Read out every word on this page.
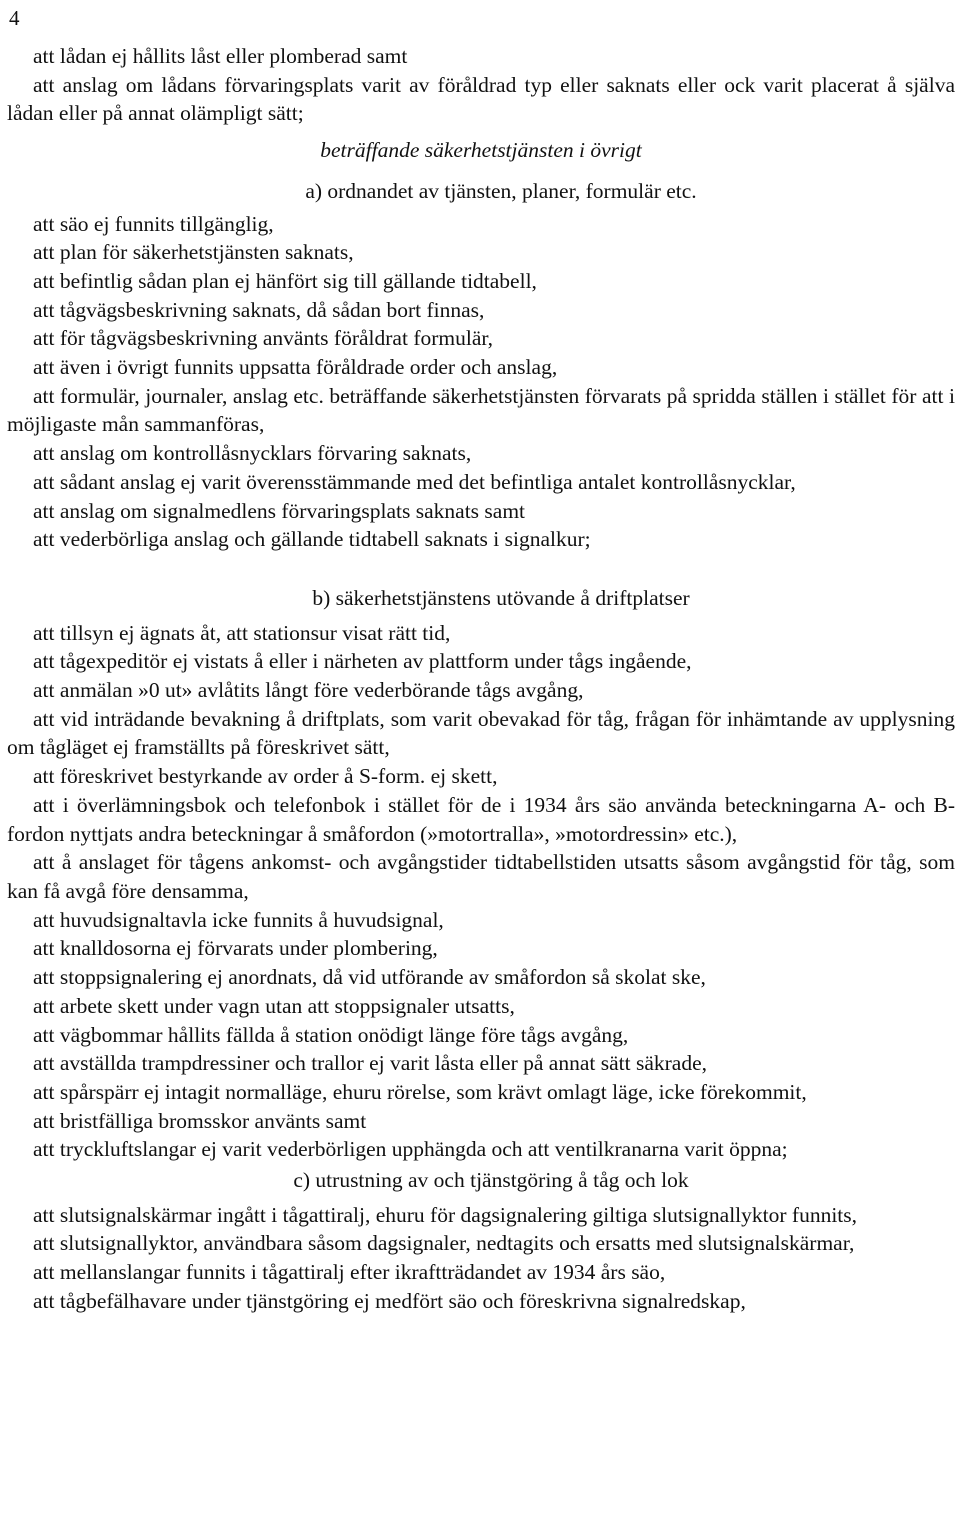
4

att lådan ej hållits låst eller plomberad samt

att anslag om lådans förvaringsplats varit av föråldrad typ eller saknats eller ock varit placerat å själva lådan eller på annat olämpligt sätt;

beträffande säkerhetstjänsten i övrigt

a) ordnandet av tjänsten, planer, formulär etc.

att säo ej funnits tillgänglig,

att plan för säkerhetstjänsten saknats,

att befintlig sådan plan ej hänfört sig till gällande tidtabell,

att tågvägsbeskrivning saknats, då sådan bort finnas,

att för tågvägsbeskrivning använts föråldrat formulär,

att även i övrigt funnits uppsatta föråldrade order och anslag,

att formulär, journaler, anslag etc. beträffande säkerhetstjänsten förvarats på spridda ställen i stället för att i möjligaste mån sammanföras,

att anslag om kontrollåsnycklars förvaring saknats,

att sådant anslag ej varit överensstämmande med det befintliga antalet kontrollåsnycklar,

att anslag om signalmedlens förvaringsplats saknats samt

att vederbörliga anslag och gällande tidtabell saknats i signalkur;

b) säkerhetstjänstens utövande å driftplatser

att tillsyn ej ägnats åt, att stationsur visat rätt tid,

att tågexpeditör ej vistats å eller i närheten av plattform under tågs ingående,

att anmälan »0 ut» avlåtits långt före vederbörande tågs avgång,

att vid inträdande bevakning å driftplats, som varit obevakad för tåg, frågan för inhämtande av upplysning om tågläget ej framställts på föreskrivet sätt,

att föreskrivet bestyrkande av order å S-form. ej skett,

att i överlämningsbok och telefonbok i stället för de i 1934 års säo använda beteckningarna A- och B-fordon nyttjats andra beteckningar å småfordon (»motortralla», »motordressin» etc.),

att å anslaget för tågens ankomst- och avgångstider tidtabellstiden utsatts såsom avgångstid för tåg, som kan få avgå före densamma,

att huvudsignaltavla icke funnits å huvudsignal,

att knalldosorna ej förvarats under plombering,

att stoppsignalering ej anordnats, då vid utförande av småfordon så skolat ske,

att arbete skett under vagn utan att stoppsignaler utsatts,

att vägbommar hållits fällda å station onödigt länge före tågs avgång,

att avställda trampdressiner och trallor ej varit låsta eller på annat sätt säkrade,

att spårspärr ej intagit normalläge, ehuru rörelse, som krävt omlagt läge, icke förekommit,

att bristfälliga bromsskor använts samt

att tryckluftslangar ej varit vederbörligen upphängda och att ventilkranarna varit öppna;

c) utrustning av och tjänstgöring å tåg och lok

att slutsignalskärmar ingått i tågattiralj, ehuru för dagsignalering giltiga slutsignallyktor funnits,

att slutsignallyktor, användbara såsom dagsignaler, nedtagits och ersatts med slutsignalskärmar,

att mellanslangar funnits i tågattiralj efter ikraftträdandet av 1934 års säo,

att tågbefälhavare under tjänstgöring ej medfört säo och föreskrivna signalredskap,
